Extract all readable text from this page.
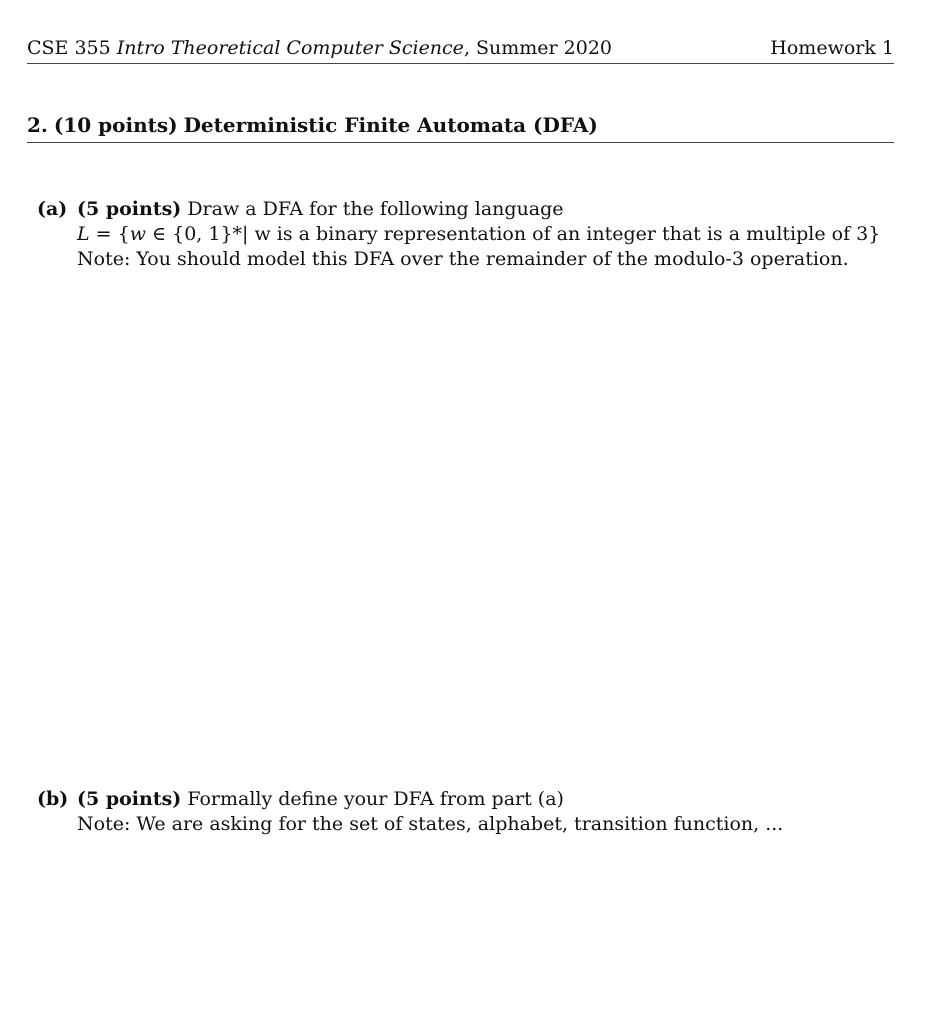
CSE 355 Intro Theoretical Computer Science, Summer 2020	Homework 1
2. (10 points) Deterministic Finite Automata (DFA)
(a) (5 points) Draw a DFA for the following language
L = {w ∈ {0, 1}*| w is a binary representation of an integer that is a multiple of 3}
Note: You should model this DFA over the remainder of the modulo-3 operation.
(b) (5 points) Formally define your DFA from part (a)
Note: We are asking for the set of states, alphabet, transition function, ...
